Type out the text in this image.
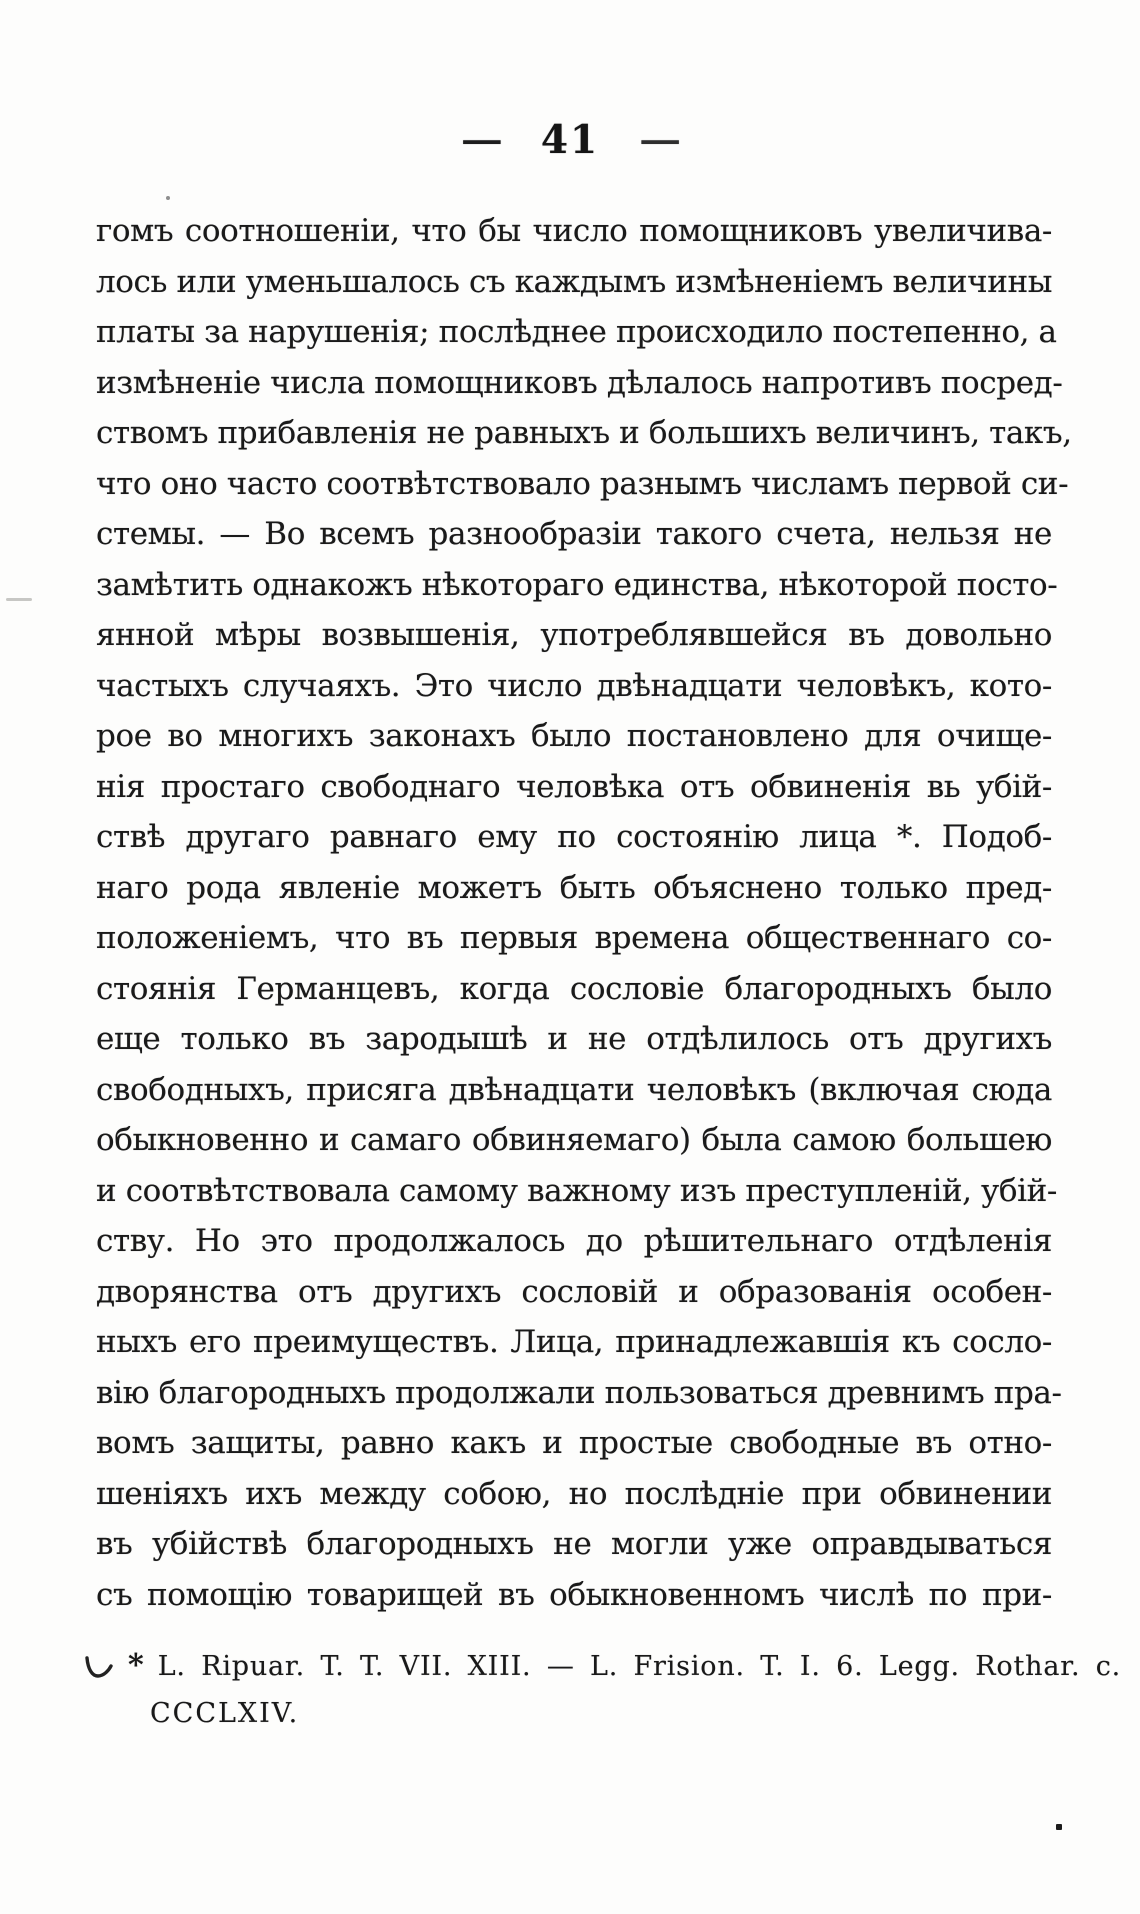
— 41 —
гомъ соотношеніи, что бы число помощниковъ увеличива-
лось или уменьшалось съ каждымъ измѣненіемъ величины
платы за нарушенія; послѣднее происходило постепенно, а
измѣненіе числа помощниковъ дѣлалось напротивъ посред-
ствомъ прибавленія не равныхъ и большихъ величинъ, такъ,
что оно часто соотвѣтствовало разнымъ числамъ первой си-
стемы. — Во всемъ разнообразіи такого счета, нельзя не
замѣтить однакожъ нѣкотораго единства, нѣкоторой посто-
янной мѣры возвышенія, употреблявшейся въ довольно
частыхъ случаяхъ. Это число двѣнадцати человѣкъ, кото-
рое во многихъ законахъ было постановлено для очище-
нія простаго свободнаго человѣка отъ обвиненія вь убій-
ствѣ другаго равнаго ему по состоянію лица *. Подоб-
наго рода явленіе можетъ быть объяснено только пред-
положеніемъ, что въ первыя времена общественнаго со-
стоянія Германцевъ, когда сословіе благородныхъ было
еще только въ зародышѣ и не отдѣлилось отъ другихъ
свободныхъ, присяга двѣнадцати человѣкъ (включая сюда
обыкновенно и самаго обвиняемаго) была самою большею
и соотвѣтствовала самому важному изъ преступленій, убій-
ству. Но это продолжалось до рѣшительнаго отдѣленія
дворянства отъ другихъ сословій и образованія особен-
ныхъ его преимуществъ. Лица, принадлежавшія къ сосло-
вію благородныхъ продолжали пользоваться древнимъ пра-
вомъ защиты, равно какъ и простые свободные въ отно-
шеніяхъ ихъ между собою, но послѣдніе при обвинении
въ убійствѣ благородныхъ не могли уже оправдываться
съ помощію товарищей въ обыкновенномъ числѣ по при-
* L. Ripuar. T. T. VII. XIII. — L. Frision. T. I. 6. Legg. Rothar. c.
CCCLXIV.
